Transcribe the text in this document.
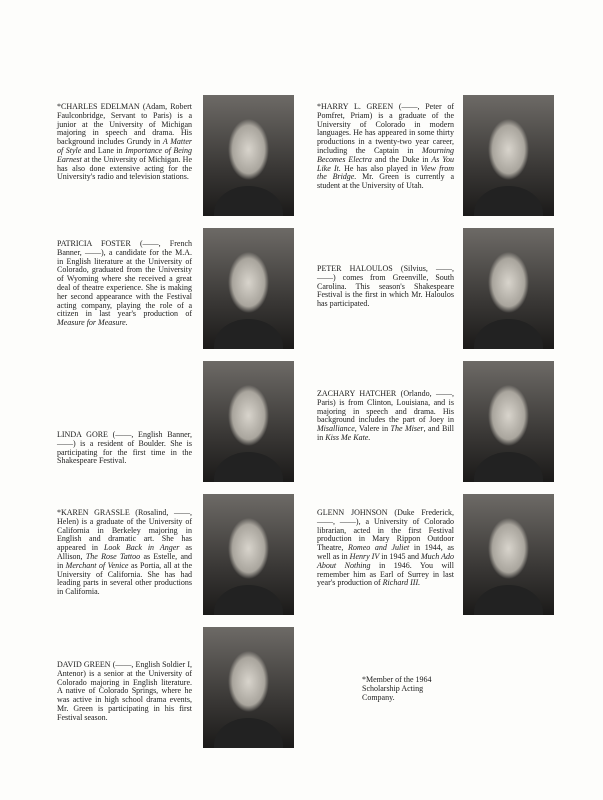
*CHARLES EDELMAN (Adam, Robert Faulconbridge, Servant to Paris) is a junior at the University of Michigan majoring in speech and drama. His background includes Grundy in A Matter of Style and Lane in Importance of Being Earnest at the University of Michigan. He has also done extensive acting for the University's radio and television stations.
*HARRY L. GREEN (——, Peter of Pomfret, Priam) is a graduate of the University of Colorado in modern languages. He has appeared in some thirty productions in a twenty-two year career, including the Captain in Mourning Becomes Electra and the Duke in As You Like It. He has also played in View from the Bridge. Mr. Green is currently a student at the University of Utah.
PATRICIA FOSTER (——, French Banner, ——), a candidate for the M.A. in English literature at the University of Colorado, graduated from the University of Wyoming where she received a great deal of theatre experience. She is making her second appearance with the Festival acting company, playing the role of a citizen in last year's production of Measure for Measure.
PETER HALOULOS (Silvius, ——, ——) comes from Greenville, South Carolina. This season's Shakespeare Festival is the first in which Mr. Haloulos has participated.
LINDA GORE (——, English Banner, ——) is a resident of Boulder. She is participating for the first time in the Shakespeare Festival.
ZACHARY HATCHER (Orlando, ——, Paris) is from Clinton, Louisiana, and is majoring in speech and drama. His background includes the part of Joey in Misalliance, Valere in The Miser, and Bill in Kiss Me Kate.
*KAREN GRASSLE (Rosalind, ——, Helen) is a graduate of the University of California in Berkeley majoring in English and dramatic art. She has appeared in Look Back in Anger as Allison, The Rose Tattoo as Estelle, and in Merchant of Venice as Portia, all at the University of California. She has had leading parts in several other productions in California.
GLENN JOHNSON (Duke Frederick, ——, ——), a University of Colorado librarian, acted in the first Festival production in Mary Rippon Outdoor Theatre, Romeo and Juliet in 1944, as well as in Henry IV in 1945 and Much Ado About Nothing in 1946. You will remember him as Earl of Surrey in last year's production of Richard III.
DAVID GREEN (——, English Soldier I, Antenor) is a senior at the University of Colorado majoring in English literature. A native of Colorado Springs, where he was active in high school drama events, Mr. Green is participating in his first Festival season.
*Member of the 1964 Scholarship Acting Company.
